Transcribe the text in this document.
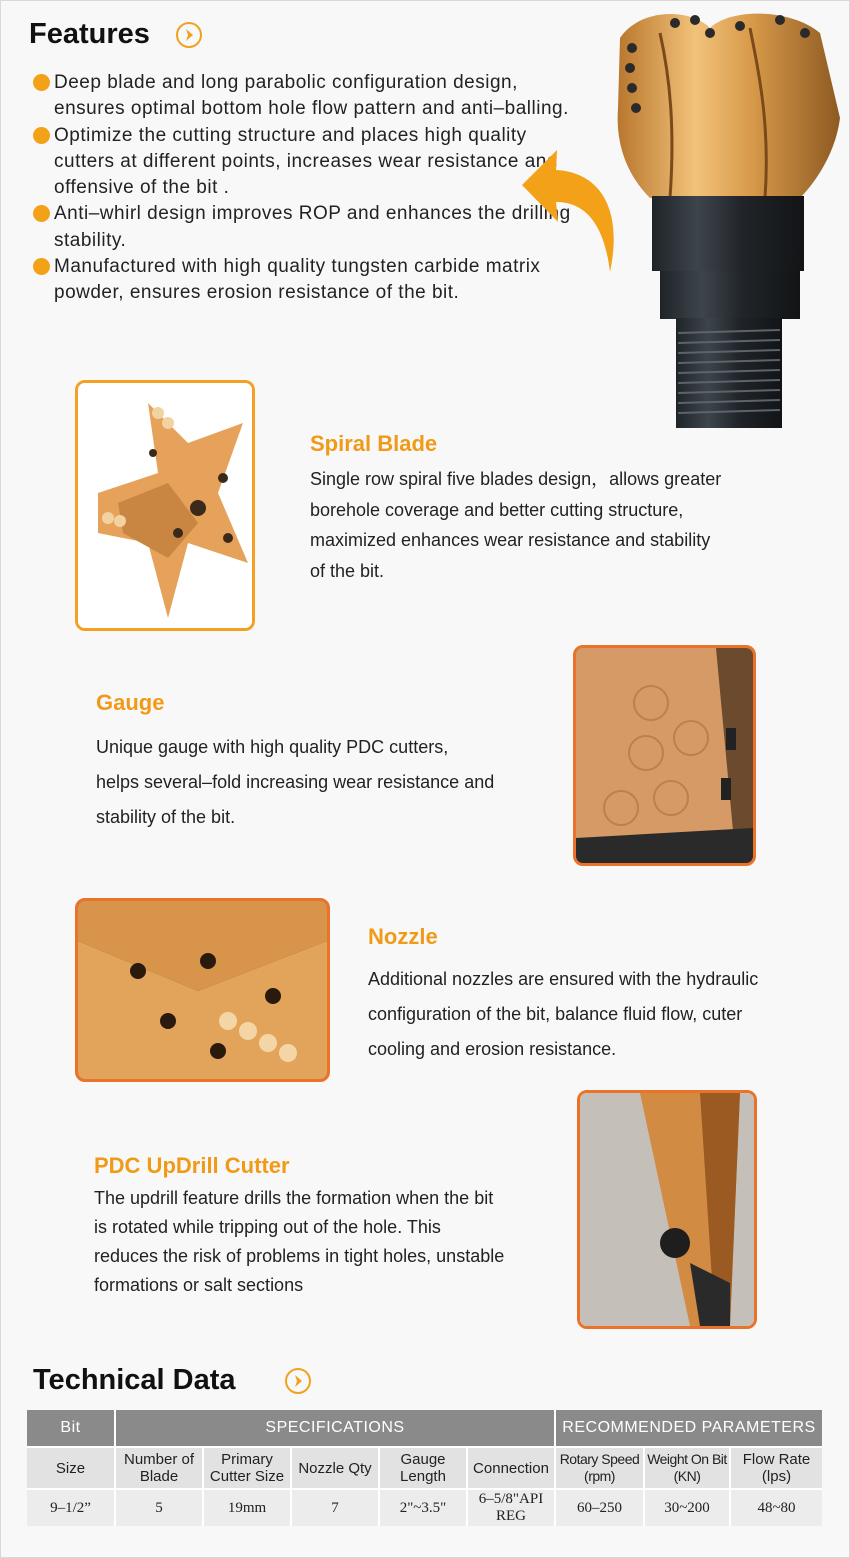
Features
Deep blade and long parabolic configuration design, ensures optimal bottom hole flow pattern and anti–balling.
Optimize the cutting structure and places high quality cutters at different points, increases wear resistance and offensive of the bit .
Anti–whirl design improves ROP and enhances the drilling stability.
Manufactured with high quality tungsten carbide matrix powder, ensures erosion resistance of the bit.
Spiral Blade
Single row spiral five blades design，allows greater borehole coverage and better cutting structure, maximized enhances wear resistance and stability of the bit.
Gauge
Unique gauge with high quality PDC cutters, helps several–fold increasing wear resistance and stability of the bit.
Nozzle
Additional nozzles are ensured with the hydraulic configuration of the bit, balance fluid flow, cuter cooling and erosion resistance.
PDC UpDrill Cutter
The updrill feature drills the formation when the bit is rotated while tripping out of the hole. This reduces the risk of problems in tight holes, unstable formations or salt sections
Technical Data
Bit	SPECIFICATIONS					RECOMMENDED PARAMETERS		
Size	Number of Blade	Primary Cutter Size	Nozzle Qty	Gauge Length	Connection	Rotary Speed (rpm)	Weight On Bit (KN)	Flow Rate (lps)
9–1/2”	5	19mm	7	2"~3.5"	6–5/8"API REG	60–250	30~200	48~80
